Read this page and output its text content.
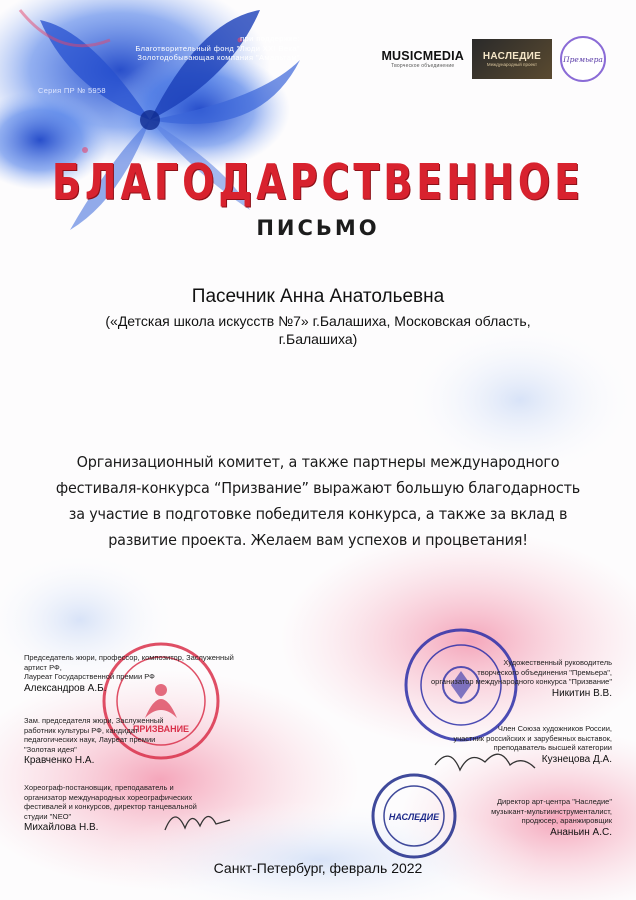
при поддержке:
Благотворительный фонд "Люди XXI Века"
Золотодобывающая компания "Амальтам"
Серия ПР № 5958
MUSICMEDIA
Творческое объединение
НАСЛЕДИЕ
Международный проект
Премьера
БЛАГОДАРСТВЕННОЕ
ПИСЬМО
Пасечник Анна Анатольевна
(«Детская школа искусств №7» г.Балашиха, Московская область,
г.Балашиха)
Организационный комитет, а также партнеры международного
фестиваля-конкурса “Призвание” выражают большую благодарность
за участие в подготовке победителя конкурса, а также за вклад в
развитие проекта. Желаем вам успехов и процветания!
ПРИЗВАНИЕ
НАСЛЕДИЕ
Председатель жюри, профессор, композитор, Заслуженный артист РФ,
Лауреат Государственной премии РФ
Александров А.Б.
Зам. председателя жюри, Заслуженный
работник культуры РФ, кандидат
педагогических наук, Лауреат премии
"Золотая идея"
Кравченко Н.А.
Хореограф-постановщик, преподаватель и
организатор международных хореографических
фестивалей и конкурсов, директор танцевальной
студии "NEO"
Михайлова Н.В.
Художественный руководитель
творческого объединения "Премьера",
организатор международного конкурса "Призвание"
Никитин В.В.
Член Союза художников России,
участник российских и зарубежных выставок,
преподаватель высшей категории
Кузнецова Д.А.
Директор арт-центра "Наследие"
музыкант-мультиинструменталист,
продюсер, аранжировщик
Ананьин А.С.
Санкт-Петербург, февраль 2022
